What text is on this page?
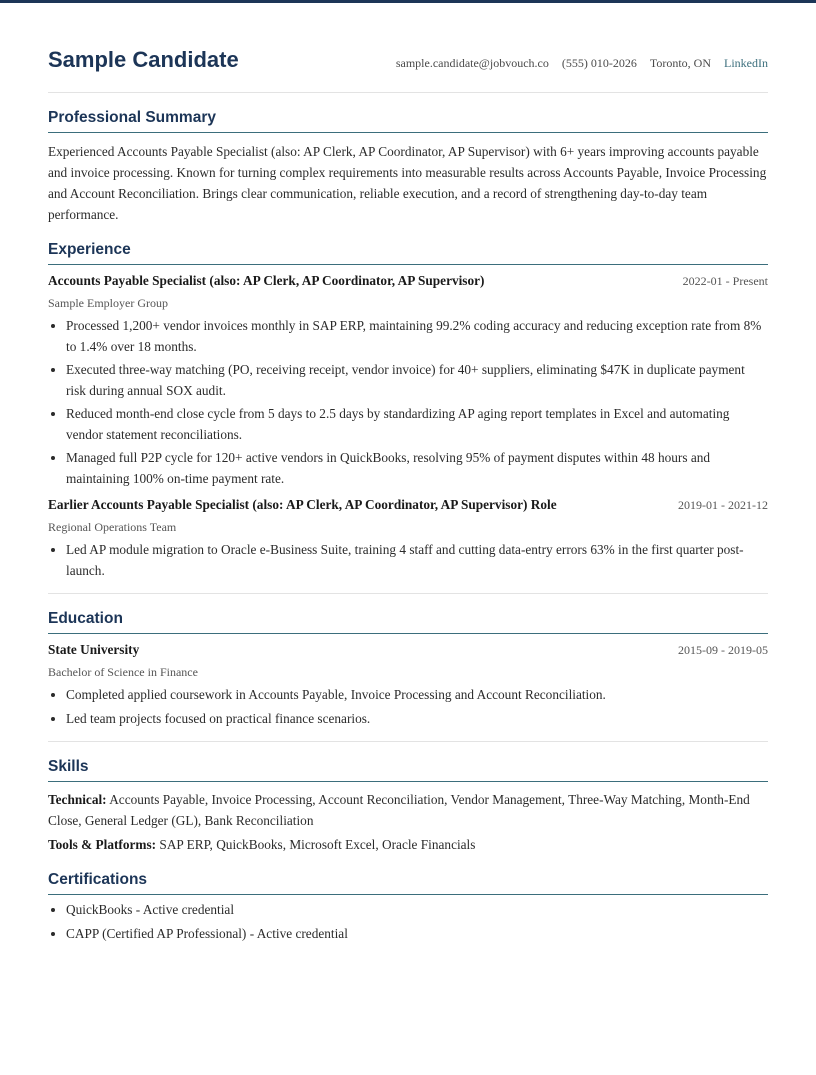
Sample Candidate	sample.candidate@jobvouch.co (555) 010-2026 Toronto, ON LinkedIn
Professional Summary

Experienced Accounts Payable Specialist (also: AP Clerk, AP Coordinator, AP Supervisor) with 6+ years improving accounts payable and invoice processing. Known for turning complex requirements into measurable results across Accounts Payable, Invoice Processing and Account Reconciliation. Brings clear communication, reliable execution, and a record of strengthening day-to-day team performance.

Experience
Accounts Payable Specialist (also: AP Clerk, AP Coordinator, AP Supervisor)	2022-01 - Present
Sample Employer Group
• Processed 1,200+ vendor invoices monthly in SAP ERP, maintaining 99.2% coding accuracy and reducing exception rate from 8% to 1.4% over 18 months.
• Executed three-way matching (PO, receiving receipt, vendor invoice) for 40+ suppliers, eliminating $47K in duplicate payment risk during annual SOX audit.
• Reduced month-end close cycle from 5 days to 2.5 days by standardizing AP aging report templates in Excel and automating vendor statement reconciliations.
• Managed full P2P cycle for 120+ active vendors in QuickBooks, resolving 95% of payment disputes within 48 hours and maintaining 100% on-time payment rate.
Earlier Accounts Payable Specialist (also: AP Clerk, AP Coordinator, AP Supervisor) Role	2019-01 - 2021-12
Regional Operations Team
• Led AP module migration to Oracle e-Business Suite, training 4 staff and cutting data-entry errors 63% in the first quarter post-launch.
Education
State University	2015-09 - 2019-05
Bachelor of Science in Finance
• Completed applied coursework in Accounts Payable, Invoice Processing and Account Reconciliation.
• Led team projects focused on practical finance scenarios.
Skills

Technical: Accounts Payable, Invoice Processing, Account Reconciliation, Vendor Management, Three-Way Matching, Month-End Close, General Ledger (GL), Bank Reconciliation

Tools & Platforms: SAP ERP, QuickBooks, Microsoft Excel, Oracle Financials

Certifications
• QuickBooks - Active credential
• CAPP (Certified AP Professional) - Active credential
